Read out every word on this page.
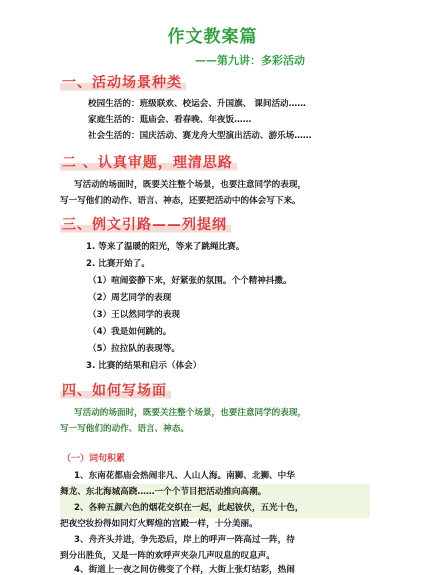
作文教案篇
——第九讲：多彩活动
一、活动场景种类
校园生活的：班级联欢、校运会、升国旗、 课间活动……
家庭生活的：逛庙会、看春晚、年夜饭……
社会生活的：国庆活动、赛龙舟大型演出活动、游乐场……
二 、认真审题，理清思路
写活动的场面时，既要关注整个场景，也要注意同学的表现，
写一写他们的动作、语言、神态，还要把活动中的体会写下来。
三、例文引路——列提纲
1. 等来了温暖的阳光，等来了跳绳比赛。
2. 比赛开始了。
（1）喧闹姿静下来，好紧张的氛围。个个精神抖擞。
（2）周艺同学的表现
（3）王以然同学的表现
（4）我是如何跳的。
（5）拉拉队的表现等。
3. 比赛的结果和启示（体会）
四、如何写场面
写活动的场面时，既要关注整个场景，也要注意同学的表现，
写一写他们的动作、语言、神态。
（一）词句积累
1、东南花都庙会热闹非凡、人山人海。南狮、北狮、中华
舞龙、东北海城高跷……一个个节目把活动推向高潮。
2、各种五颜六色的烟花交织在一起，此起彼伏，五光十色，
把夜空妆扮得如同灯火辉煌的宫殿一样，十分美丽。
3、舟齐头并进，争先恐后，岸上的呼声一阵高过一阵，待
到分出胜负，又是一阵的欢呼声夹杂几声叹息的叹息声。
4、街道上一夜之间仿佛变了个样，大街上张灯结彩，热闹
